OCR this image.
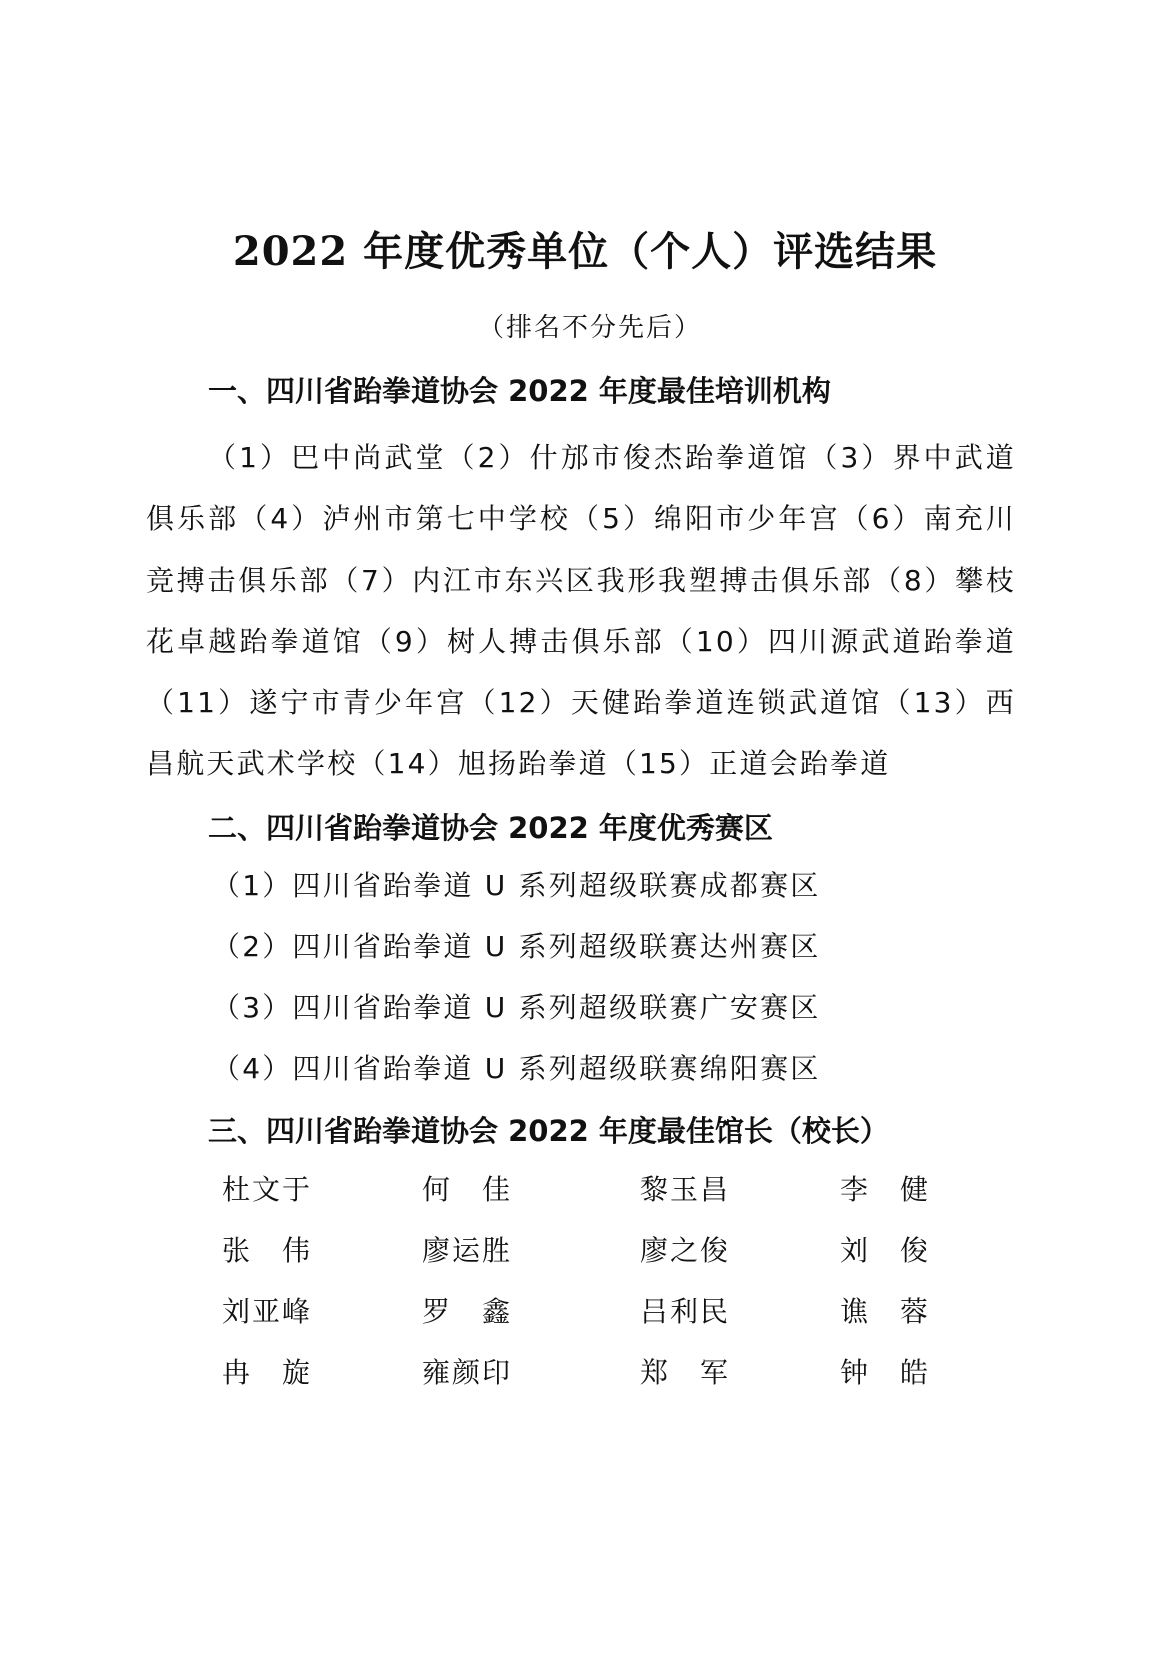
2022 年度优秀单位（个人）评选结果
（排名不分先后）
一、四川省跆拳道协会 2022 年度最佳培训机构
（1）巴中尚武堂（2）什邡市俊杰跆拳道馆（3）界中武道俱乐部（4）泸州市第七中学校（5）绵阳市少年宫（6）南充川竞搏击俱乐部（7）内江市东兴区我形我塑搏击俱乐部（8）攀枝花卓越跆拳道馆（9）树人搏击俱乐部（10）四川源武道跆拳道（11）遂宁市青少年宫（12）天健跆拳道连锁武道馆（13）西昌航天武术学校（14）旭扬跆拳道（15）正道会跆拳道
二、四川省跆拳道协会 2022 年度优秀赛区
（1）四川省跆拳道 U 系列超级联赛成都赛区
（2）四川省跆拳道 U 系列超级联赛达州赛区
（3）四川省跆拳道 U 系列超级联赛广安赛区
（4）四川省跆拳道 U 系列超级联赛绵阳赛区
三、四川省跆拳道协会 2022 年度最佳馆长（校长）
杜文于	何　佳	黎玉昌	李　健
张　伟	廖运胜	廖之俊	刘　俊
刘亚峰	罗　鑫	吕利民	谯　蓉
冉　旋	雍颜印	郑　军	钟　皓
